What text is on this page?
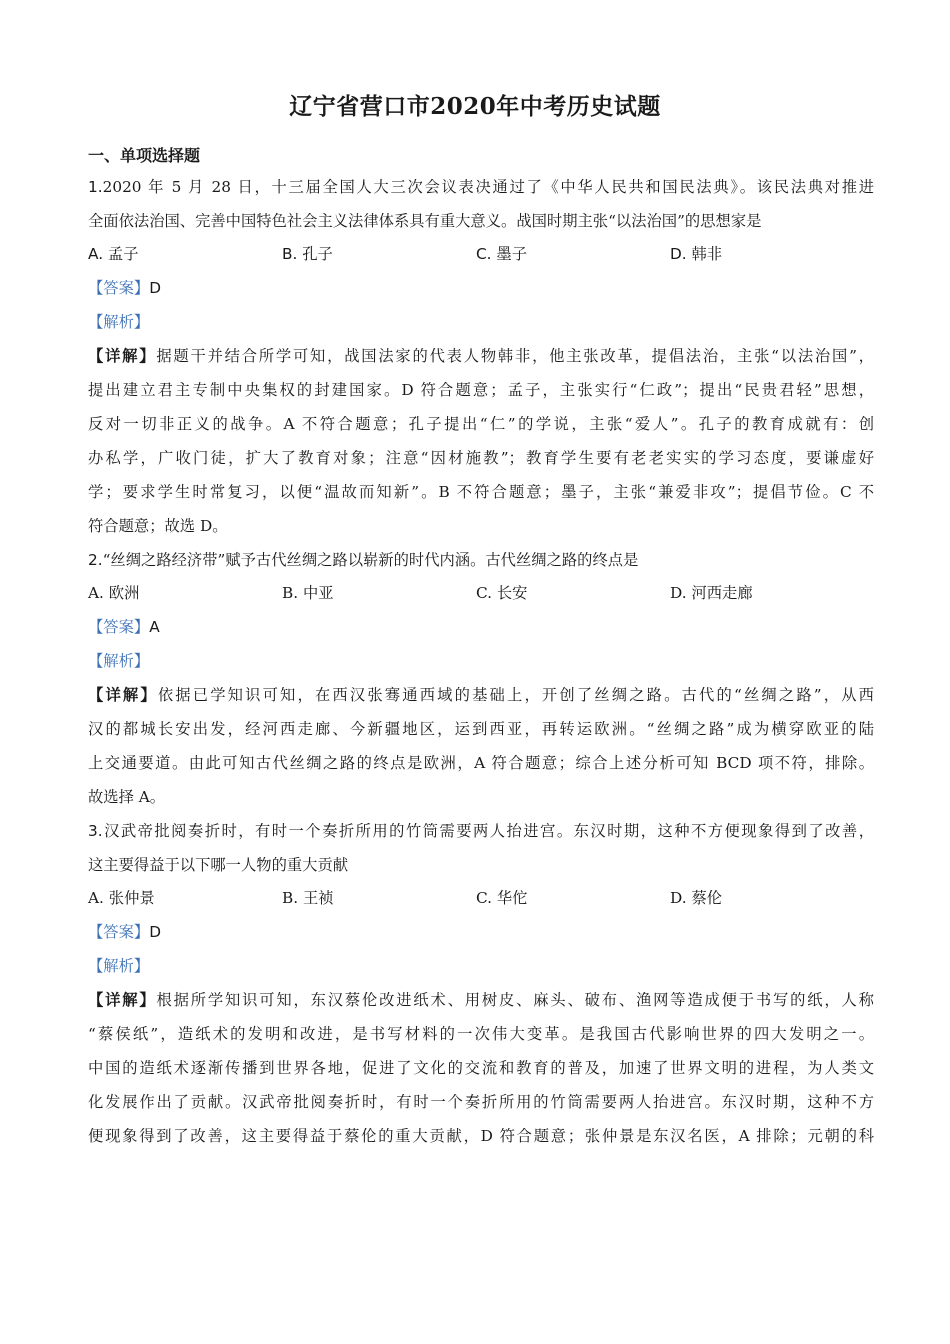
辽宁省营口市2020年中考历史试题
一、单项选择题
1.2020 年 5 月 28 日，十三届全国人大三次会议表决通过了《中华人民共和国民法典》。该民法典对推进
全面依法治国、完善中国特色社会主义法律体系具有重大意义。战国时期主张“以法治国”的思想家是
A. 孟子	B. 孔子	C. 墨子	D. 韩非
【答案】D
【解析】
【详解】据题干并结合所学可知，战国法家的代表人物韩非，他主张改革，提倡法治，主张“以法治国”，
提出建立君主专制中央集权的封建国家。D 符合题意；孟子，主张实行“仁政”；提出“民贵君轻”思想，
反对一切非正义的战争。A 不符合题意；孔子提出“仁”的学说，主张“爱人”。孔子的教育成就有：创
办私学，广收门徒，扩大了教育对象；注意“因材施教”；教育学生要有老老实实的学习态度，要谦虚好
学；要求学生时常复习，以便“温故而知新”。B 不符合题意；墨子，主张“兼爱非攻”；提倡节俭。C 不
符合题意；故选 D。
2.“丝绸之路经济带”赋予古代丝绸之路以崭新的时代内涵。古代丝绸之路的终点是
A. 欧洲	B. 中亚	C. 长安	D. 河西走廊
【答案】A
【解析】
【详解】依据已学知识可知，在西汉张骞通西域的基础上，开创了丝绸之路。古代的“丝绸之路”，从西
汉的都城长安出发，经河西走廊、今新疆地区，运到西亚，再转运欧洲。“丝绸之路”成为横穿欧亚的陆
上交通要道。由此可知古代丝绸之路的终点是欧洲，A 符合题意；综合上述分析可知 BCD 项不符，排除。
故选择 A。
3.汉武帝批阅奏折时，有时一个奏折所用的竹筒需要两人抬进宫。东汉时期，这种不方便现象得到了改善，
这主要得益于以下哪一人物的重大贡献
A. 张仲景	B. 王祯	C. 华佗	D. 蔡伦
【答案】D
【解析】
【详解】根据所学知识可知，东汉蔡伦改进纸术、用树皮、麻头、破布、渔网等造成便于书写的纸，人称
“蔡侯纸”，造纸术的发明和改进，是书写材料的一次伟大变革。是我国古代影响世界的四大发明之一。
中国的造纸术逐渐传播到世界各地，促进了文化的交流和教育的普及，加速了世界文明的进程，为人类文
化发展作出了贡献。汉武帝批阅奏折时，有时一个奏折所用的竹筒需要两人抬进宫。东汉时期，这种不方
便现象得到了改善，这主要得益于蔡伦的重大贡献，D 符合题意；张仲景是东汉名医，A 排除；元朝的科
